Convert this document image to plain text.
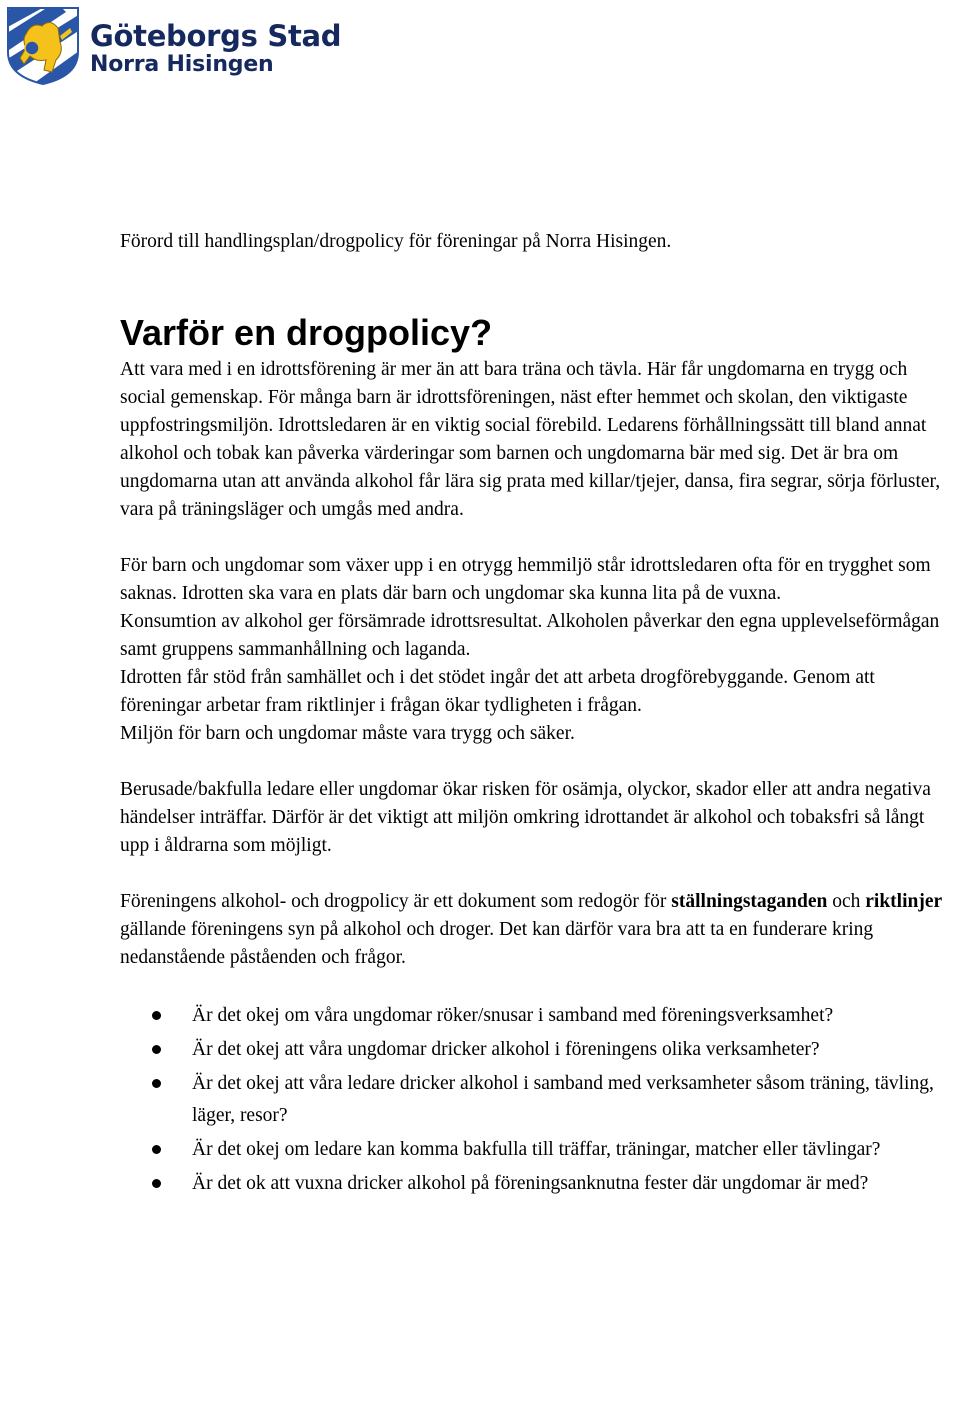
Göteborgs Stad
Norra Hisingen

Förord till handlingsplan/drogpolicy för föreningar på Norra Hisingen.

Varför en drogpolicy?

Att vara med i en idrottsförening är mer än att bara träna och tävla. Här får ungdomarna en trygg och social gemenskap. För många barn är idrottsföreningen, näst efter hemmet och skolan, den viktigaste uppfostringsmiljön. Idrottsledaren är en viktig social förebild. Ledarens förhållningssätt till bland annat alkohol och tobak kan påverka värderingar som barnen och ungdomarna bär med sig. Det är bra om ungdomarna utan att använda alkohol får lära sig prata med killar/tjejer, dansa, fira segrar, sörja förluster, vara på träningsläger och umgås med andra.

För barn och ungdomar som växer upp i en otrygg hemmiljö står idrottsledaren ofta för en trygghet som saknas. Idrotten ska vara en plats där barn och ungdomar ska kunna lita på de vuxna.

Konsumtion av alkohol ger försämrade idrottsresultat. Alkoholen påverkar den egna upplevelseförmågan samt gruppens sammanhållning och laganda.

Idrotten får stöd från samhället och i det stödet ingår det att arbeta drogförebyggande. Genom att föreningar arbetar fram riktlinjer i frågan ökar tydligheten i frågan.

Miljön för barn och ungdomar måste vara trygg och säker.

Berusade/bakfulla ledare eller ungdomar ökar risken för osämja, olyckor, skador eller att andra negativa händelser inträffar. Därför är det viktigt att miljön omkring idrottandet är alkohol och tobaksfri så långt upp i åldrarna som möjligt.

Föreningens alkohol- och drogpolicy är ett dokument som redogör för ställningstaganden och riktlinjer gällande föreningens syn på alkohol och droger. Det kan därför vara bra att ta en funderare kring nedanstående påståenden och frågor.

Är det okej om våra ungdomar röker/snusar i samband med föreningsverksamhet?
Är det okej att våra ungdomar dricker alkohol i föreningens olika verksamheter?
Är det okej att våra ledare dricker alkohol i samband med verksamheter såsom träning, tävling, läger, resor?
Är det okej om ledare kan komma bakfulla till träffar, träningar, matcher eller tävlingar?
Är det ok att vuxna dricker alkohol på föreningsanknutna fester där ungdomar är med?
